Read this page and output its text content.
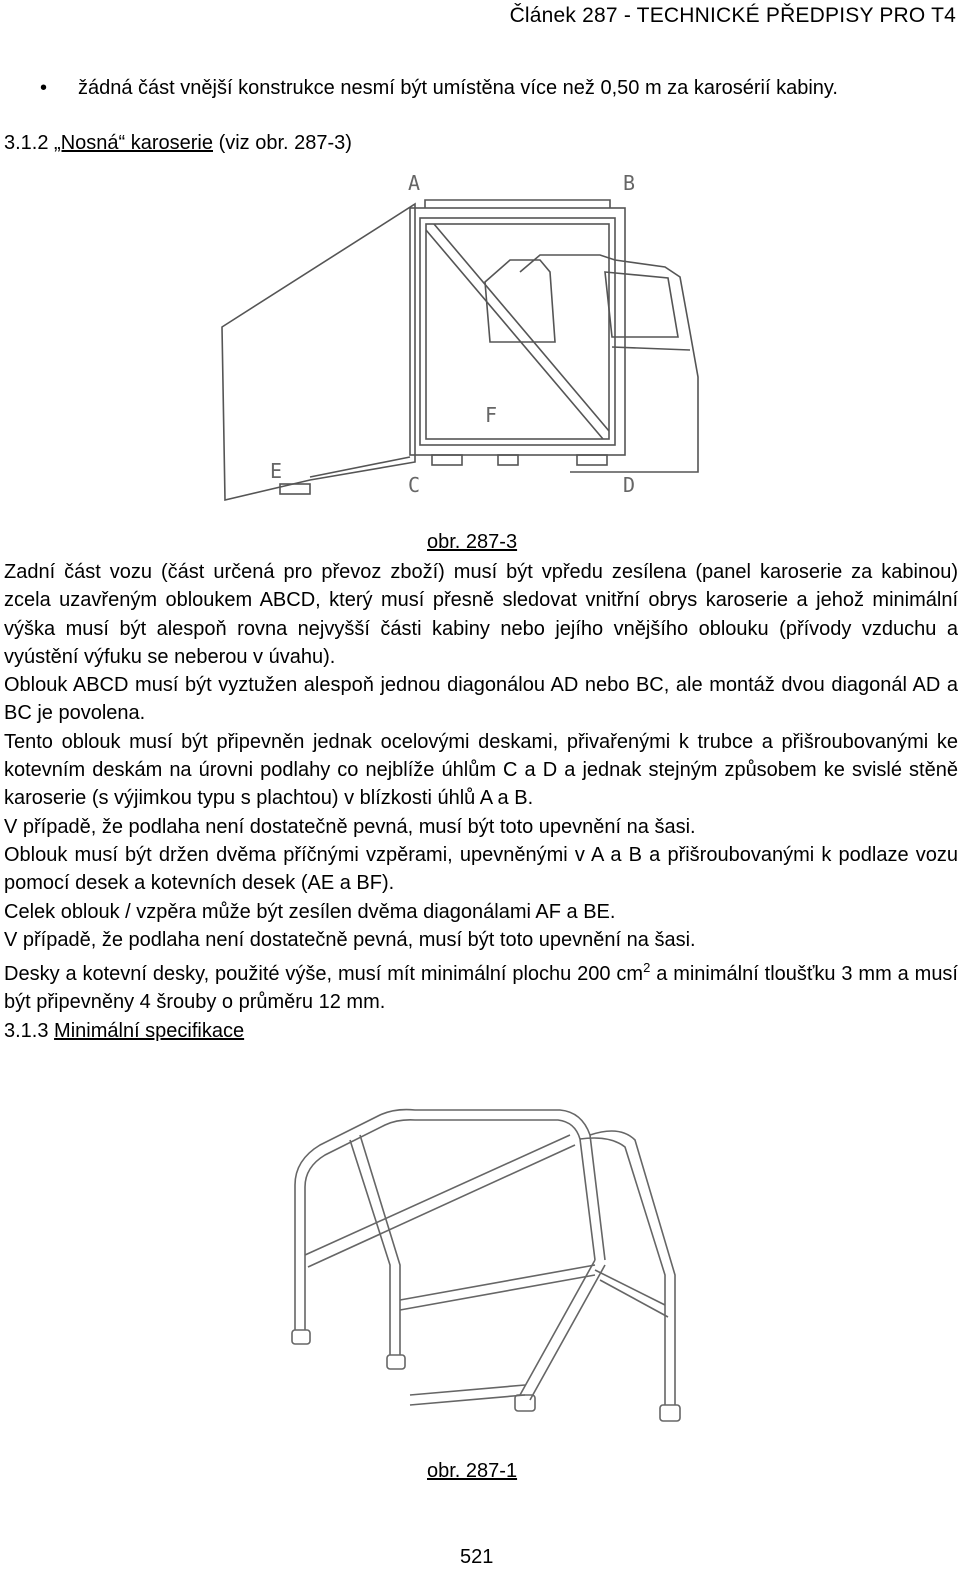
Článek 287 - TECHNICKÉ PŘEDPISY PRO T4
• žádná část vnější konstrukce nesmí být umístěna více než 0,50 m za karosérií kabiny.
3.1.2 „Nosná“ karoserie (viz obr. 287-3)
A	B
C	D
E
F
obr. 287-3

Zadní část vozu (část určená pro převoz zboží) musí být vpředu zesílena (panel karoserie za kabinou) zcela uzavřeným obloukem ABCD, který musí přesně sledovat vnitřní obrys karoserie a jehož minimální výška musí být alespoň rovna nejvyšší části kabiny nebo jejího vnějšího oblouku (přívody vzduchu a vyústění výfuku se neberou v úvahu).

Oblouk ABCD musí být vyztužen alespoň jednou diagonálou AD nebo BC, ale montáž dvou diagonál AD a BC je povolena.

Tento oblouk musí být připevněn jednak ocelovými deskami, přivařenými k trubce a přišroubovanými ke kotevním deskám na úrovni podlahy co nejblíže úhlům C a D a jednak stejným způsobem ke svislé stěně karoserie (s výjimkou typu s plachtou) v blízkosti úhlů A a B.

V případě, že podlaha není dostatečně pevná, musí být toto upevnění na šasi.

Oblouk musí být držen dvěma příčnými vzpěrami, upevněnými v A a B a přišroubovanými k podlaze vozu pomocí desek a kotevních desek (AE a BF).

Celek oblouk / vzpěra může být zesílen dvěma diagonálami AF a BE.

V případě, že podlaha není dostatečně pevná, musí být toto upevnění na šasi.

Desky a kotevní desky, použité výše, musí mít minimální plochu 200 $cm^2$ a minimální tloušťku 3 mm a musí být připevněny 4 šrouby o průměru 12 mm.

3.1.3 Minimální specifikace
obr. 287-1
521
